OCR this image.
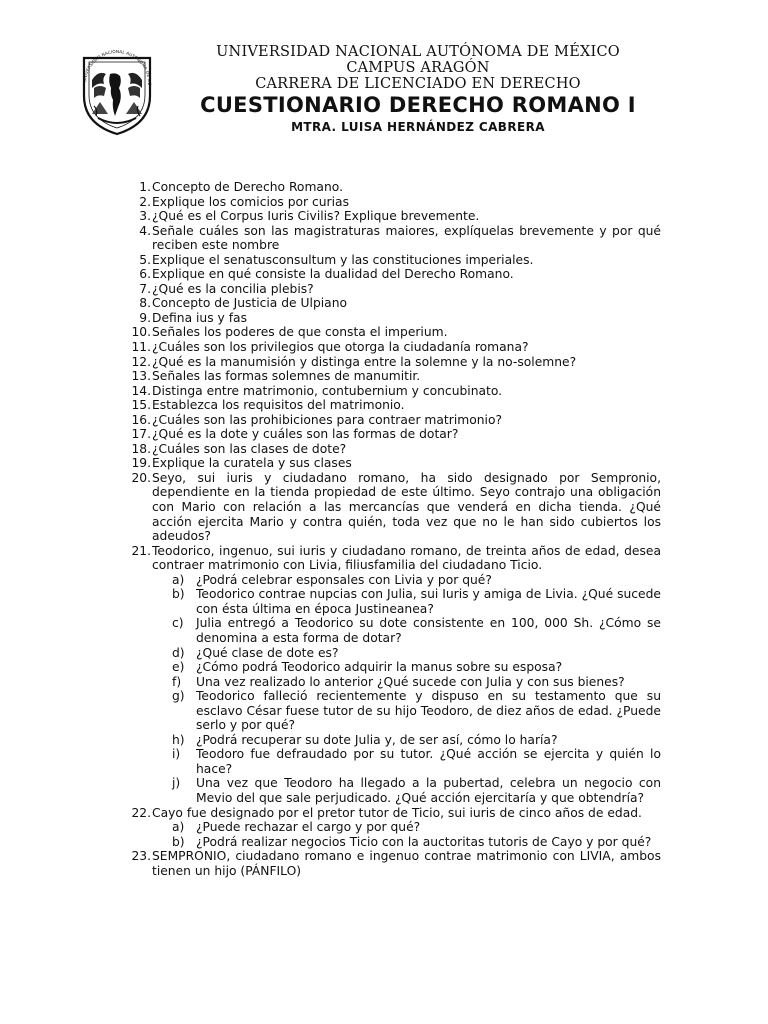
UNIVERSIDAD NACIONAL AUTÓNOMA DE MÉ

UNIVERSIDAD NACIONAL AUTÓNOMA DE MÉXICO

CAMPUS ARAGÓN

CARRERA DE LICENCIADO EN DERECHO

CUESTIONARIO DERECHO ROMANO I

MTRA. LUISA HERNÁNDEZ CABRERA

1. Concepto de Derecho Romano.
2. Explique los comicios por curias
3. ¿Qué es el Corpus Iuris Civilis? Explique brevemente.
4. Señale cuáles son las magistraturas maiores, explíquelas brevemente y por qué reciben este nombre
5. Explique el senatusconsultum y las constituciones imperiales.
6. Explique en qué consiste la dualidad del Derecho Romano.
7. ¿Qué es la concilia plebis?
8. Concepto de Justicia de Ulpiano
9. Defina ius y fas
10. Señales los poderes de que consta el imperium.
11. ¿Cuáles son los privilegios que otorga la ciudadanía romana?
12. ¿Qué es la manumisión y distinga entre la solemne y la no-solemne?
13. Señales las formas solemnes de manumitir.
14. Distinga entre matrimonio, contubernium y concubinato.
15. Establezca los requisitos del matrimonio.
16. ¿Cuáles son las prohibiciones para contraer matrimonio?
17. ¿Qué es la dote y cuáles son las formas de dotar?
18. ¿Cuáles son las clases de dote?
19. Explique la curatela y sus clases
20. Seyo, sui iuris y ciudadano romano, ha sido designado por Sempronio, dependiente en la tienda propiedad de este último. Seyo contrajo una obligación con Mario con relación a las mercancías que venderá en dicha tienda. ¿Qué acción ejercita Mario y contra quién, toda vez que no le han sido cubiertos los adeudos?
21. Teodorico, ingenuo, sui iuris y ciudadano romano, de treinta años de edad, desea contraer matrimonio con Livia, filiusfamilia del ciudadano Ticio.
a) ¿Podrá celebrar esponsales con Livia y por qué?
b) Teodorico contrae nupcias con Julia, sui Iuris y amiga de Livia. ¿Qué sucede con ésta última en época Justineanea?
c) Julia entregó a Teodorico su dote consistente en 100, 000 Sh. ¿Cómo se denomina a esta forma de dotar?
d) ¿Qué clase de dote es?
e) ¿Cómo podrá Teodorico adquirir la manus sobre su esposa?
f) Una vez realizado lo anterior ¿Qué sucede con Julia y con sus bienes?
g) Teodorico falleció recientemente y dispuso en su testamento que su esclavo César fuese tutor de su hijo Teodoro, de diez años de edad. ¿Puede serlo y por qué?
h) ¿Podrá recuperar su dote Julia y, de ser así, cómo lo haría?
i) Teodoro fue defraudado por su tutor. ¿Qué acción se ejercita y quién lo hace?
j) Una vez que Teodoro ha llegado a la pubertad, celebra un negocio con Mevio del que sale perjudicado. ¿Qué acción ejercitaría y que obtendría?
22. Cayo fue designado por el pretor tutor de Ticio, sui iuris de cinco años de edad.
a) ¿Puede rechazar el cargo y por qué?
b) ¿Podrá realizar negocios Ticio con la auctoritas tutoris de Cayo y por qué?
23. SEMPRONIO, ciudadano romano e ingenuo contrae matrimonio con LIVIA, ambos tienen un hijo (PÁNFILO)
